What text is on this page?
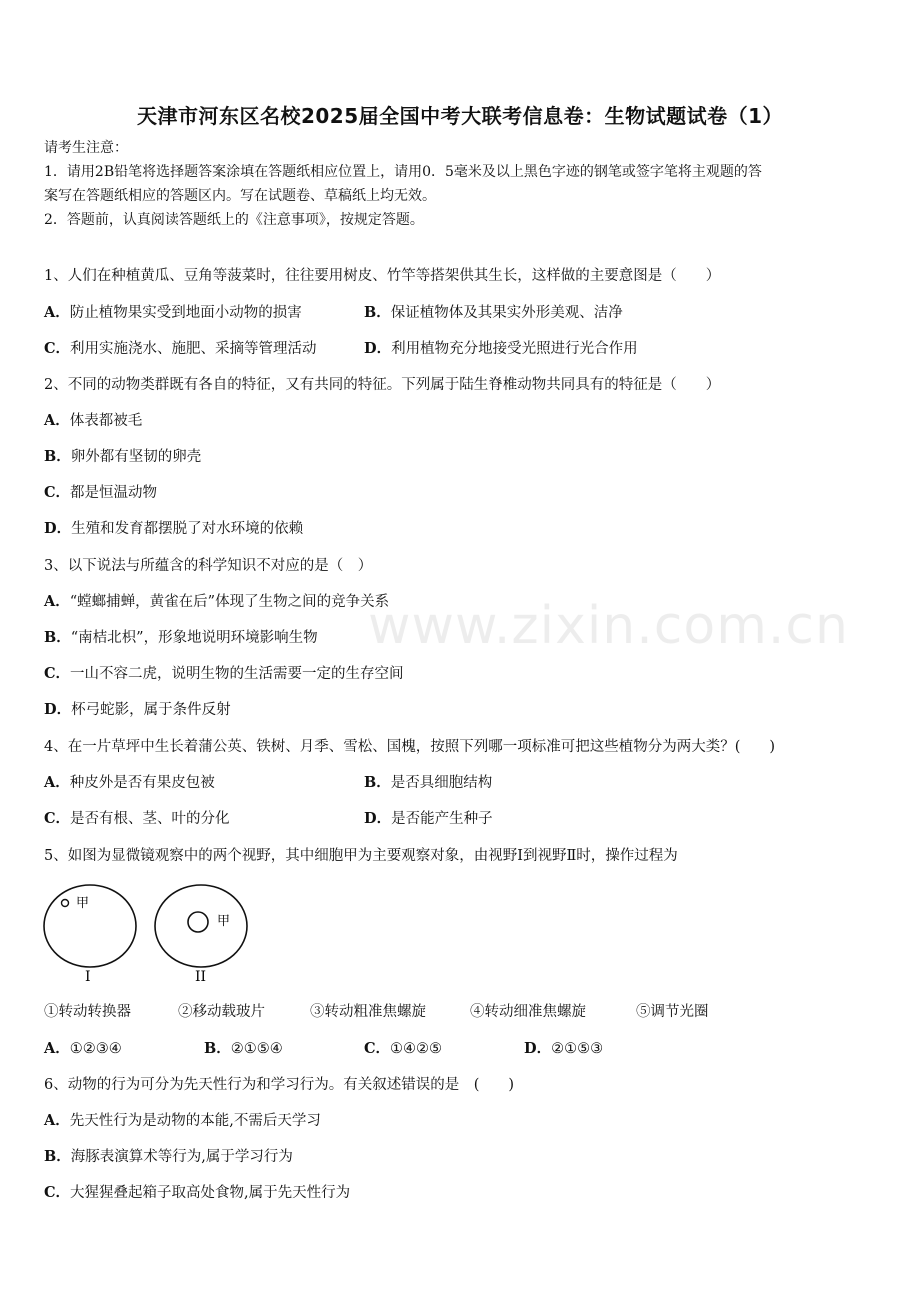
天津市河东区名校2025届全国中考大联考信息卷：生物试题试卷（1）
请考生注意：
1．请用2B铅笔将选择题答案涂填在答题纸相应位置上，请用0．5毫米及以上黑色字迹的钢笔或签字笔将主观题的答
案写在答题纸相应的答题区内。写在试题卷、草稿纸上均无效。
2．答题前，认真阅读答题纸上的《注意事项》，按规定答题。
1、人们在种植黄瓜、豆角等菠菜时，往往要用树皮、竹竿等搭架供其生长，这样做的主要意图是（　　）
A．防止植物果实受到地面小动物的损害	B．保证植物体及其果实外形美观、洁净
C．利用实施浇水、施肥、采摘等管理活动	D．利用植物充分地接受光照进行光合作用
2、不同的动物类群既有各自的特征，又有共同的特征。下列属于陆生脊椎动物共同具有的特征是（　　）
A．体表都被毛
B．卵外都有坚韧的卵壳
C．都是恒温动物
D．生殖和发育都摆脱了对水环境的依赖
3、以下说法与所蕴含的科学知识不对应的是（　）
A．“螳螂捕蝉，黄雀在后”体现了生物之间的竞争关系
B．“南桔北枳”，形象地说明环境影响生物
C．一山不容二虎，说明生物的生活需要一定的生存空间
D．杯弓蛇影，属于条件反射
4、在一片草坪中生长着蒲公英、铁树、月季、雪松、国槐，按照下列哪一项标准可把这些植物分为两大类？(　　)
A．种皮外是否有果皮包被	B．是否具细胞结构
C．是否有根、茎、叶的分化	D．是否能产生种子
5、如图为显微镜观察中的两个视野，其中细胞甲为主要观察对象，由视野Ⅰ到视野Ⅱ时，操作过程为
甲
I
甲
II
①转动转换器	②移动载玻片	③转动粗准焦螺旋	④转动细准焦螺旋	⑤调节光圈
A．①②③④	B．②①⑤④	C．①④②⑤	D．②①⑤③
6、动物的行为可分为先天性行为和学习行为。有关叙述错误的是　(　　)
A．先天性行为是动物的本能,不需后天学习
B．海豚表演算术等行为,属于学习行为
C．大猩猩叠起箱子取高处食物,属于先天性行为
www.zixin.com.cn
